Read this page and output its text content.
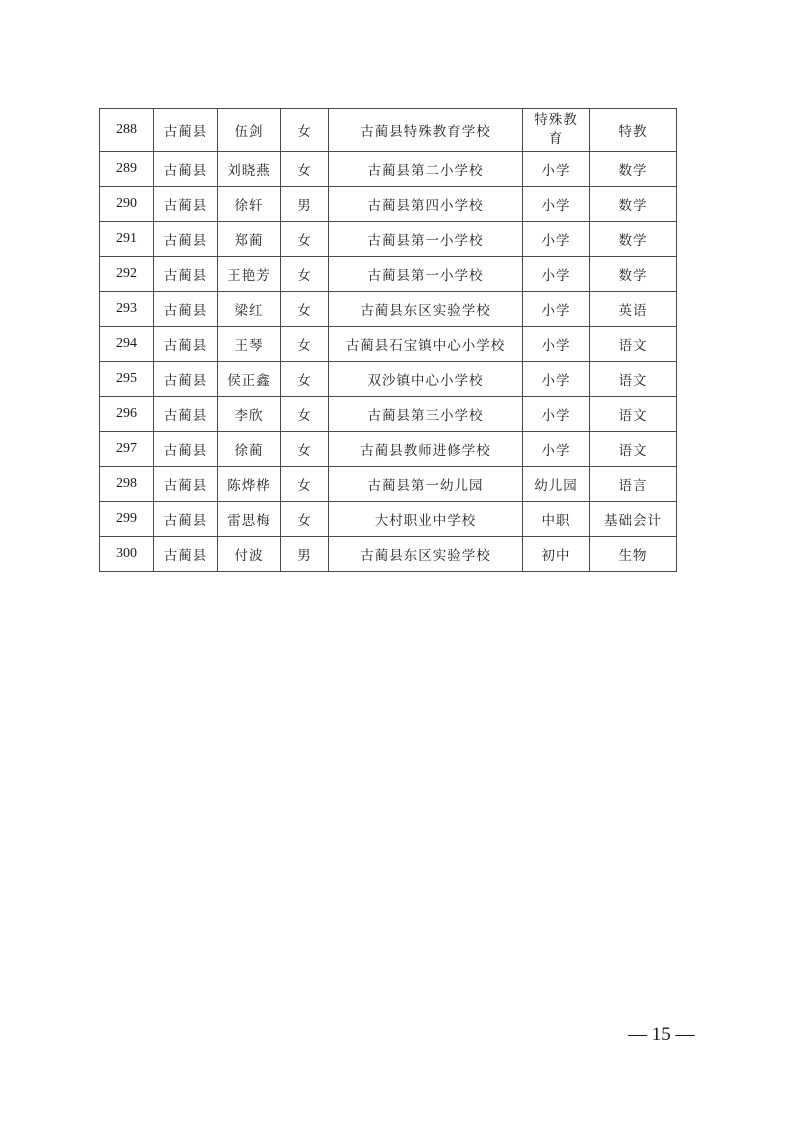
288	古蔺县	伍剑	女	古蔺县特殊教育学校	特殊教育	特教
289	古蔺县	刘晓燕	女	古蔺县第二小学校	小学	数学
290	古蔺县	徐轩	男	古蔺县第四小学校	小学	数学
291	古蔺县	郑蔺	女	古蔺县第一小学校	小学	数学
292	古蔺县	王艳芳	女	古蔺县第一小学校	小学	数学
293	古蔺县	梁红	女	古蔺县东区实验学校	小学	英语
294	古蔺县	王琴	女	古蔺县石宝镇中心小学校	小学	语文
295	古蔺县	侯正鑫	女	双沙镇中心小学校	小学	语文
296	古蔺县	李欣	女	古蔺县第三小学校	小学	语文
297	古蔺县	徐蔺	女	古蔺县教师进修学校	小学	语文
298	古蔺县	陈烨桦	女	古蔺县第一幼儿园	幼儿园	语言
299	古蔺县	雷思梅	女	大村职业中学校	中职	基础会计
300	古蔺县	付波	男	古蔺县东区实验学校	初中	生物
— 15 —
